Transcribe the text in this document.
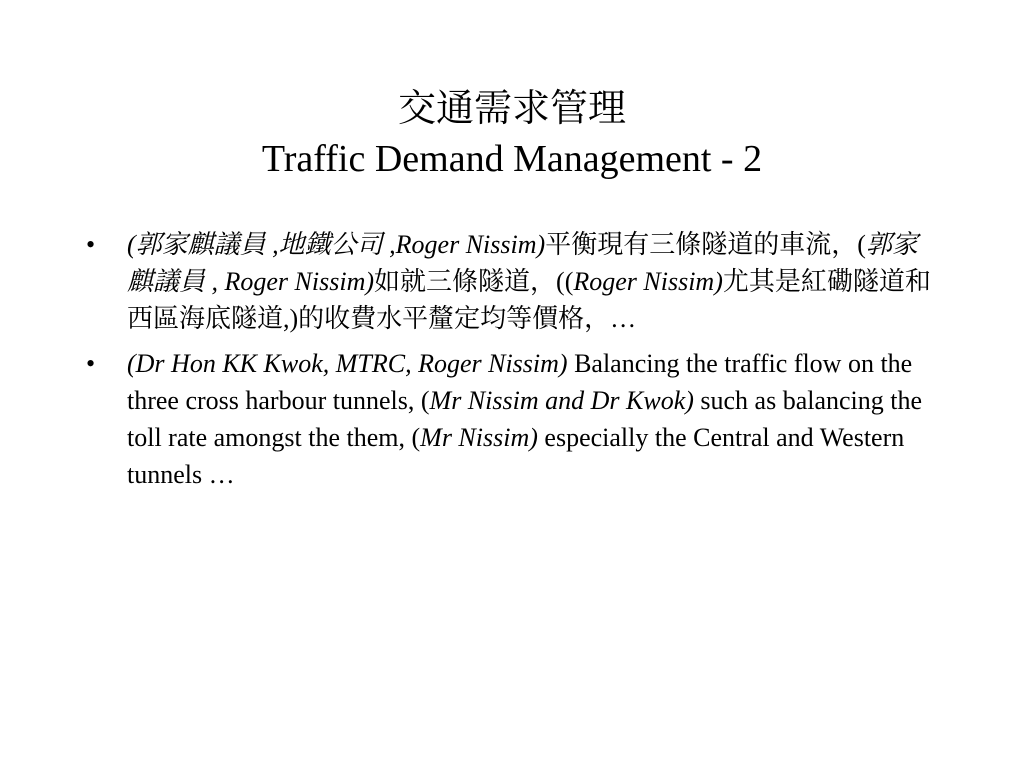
交通需求管理
Traffic Demand Management - 2
•	(郭家麒議員 ,地鐵公司 ,Roger Nissim)平衡現有三條隧道的車流，(郭家麒議員 , Roger Nissim)如就三條隧道，((Roger Nissim)尤其是紅磡隧道和西區海底隧道,)的收費水平釐定均等價格，…
•	(Dr Hon KK Kwok, MTRC, Roger Nissim) Balancing the traffic flow on the three cross harbour tunnels, (Mr Nissim and Dr Kwok) such as balancing the toll rate amongst the them, (Mr Nissim) especially the Central and Western tunnels …
